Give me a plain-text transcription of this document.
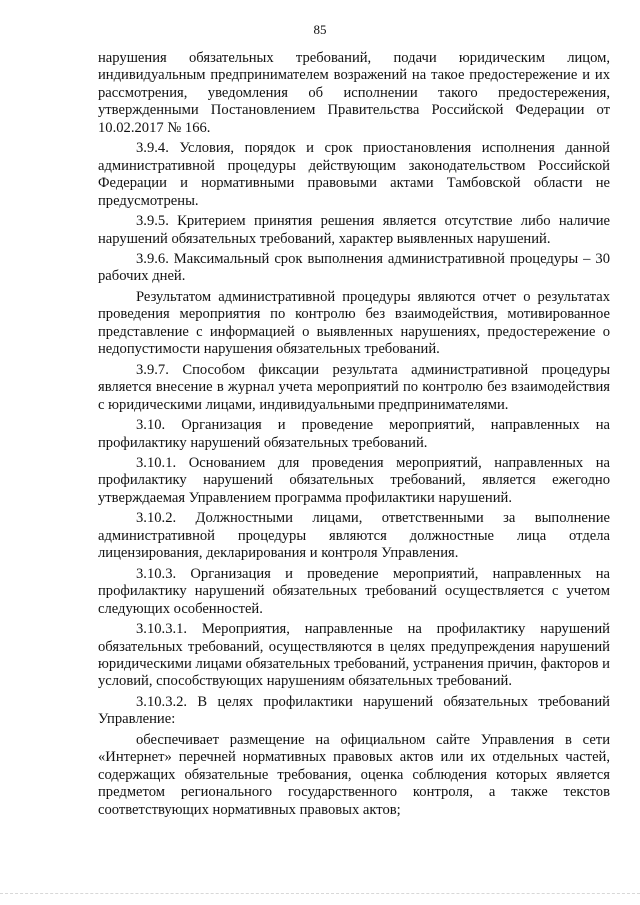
85

нарушения обязательных требований, подачи юридическим лицом, индивидуальным предпринимателем возражений на такое предостережение и их рассмотрения, уведомления об исполнении такого предостережения, утвержденными Постановлением Правительства Российской Федерации от 10.02.2017 № 166.

3.9.4. Условия, порядок и срок приостановления исполнения данной административной процедуры действующим законодательством Российской Федерации и нормативными правовыми актами Тамбовской области не предусмотрены.

3.9.5. Критерием принятия решения является отсутствие либо наличие нарушений обязательных требований, характер выявленных нарушений.

3.9.6. Максимальный срок выполнения административной процедуры – 30 рабочих дней.

Результатом административной процедуры являются отчет о результатах проведения мероприятия по контролю без взаимодействия, мотивированное представление с информацией о выявленных нарушениях, предостережение о недопустимости нарушения обязательных требований.

3.9.7. Способом фиксации результата административной процедуры является внесение в журнал учета мероприятий по контролю без взаимодействия с юридическими лицами, индивидуальными предпринимателями.

3.10. Организация и проведение мероприятий, направленных на профилактику нарушений обязательных требований.

3.10.1. Основанием для проведения мероприятий, направленных на профилактику нарушений обязательных требований, является ежегодно утверждаемая Управлением программа профилактики нарушений.

3.10.2. Должностными лицами, ответственными за выполнение административной процедуры являются должностные лица отдела лицензирования, декларирования и контроля Управления.

3.10.3. Организация и проведение мероприятий, направленных на профилактику нарушений обязательных требований осуществляется с учетом следующих особенностей.

3.10.3.1. Мероприятия, направленные на профилактику нарушений обязательных требований, осуществляются в целях предупреждения нарушений юридическими лицами обязательных требований, устранения причин, факторов и условий, способствующих нарушениям обязательных требований.

3.10.3.2. В целях профилактики нарушений обязательных требований Управление:

обеспечивает размещение на официальном сайте Управления в сети «Интернет» перечней нормативных правовых актов или их отдельных частей, содержащих обязательные требования, оценка соблюдения которых является предметом регионального государственного контроля, а также текстов соответствующих нормативных правовых актов;
